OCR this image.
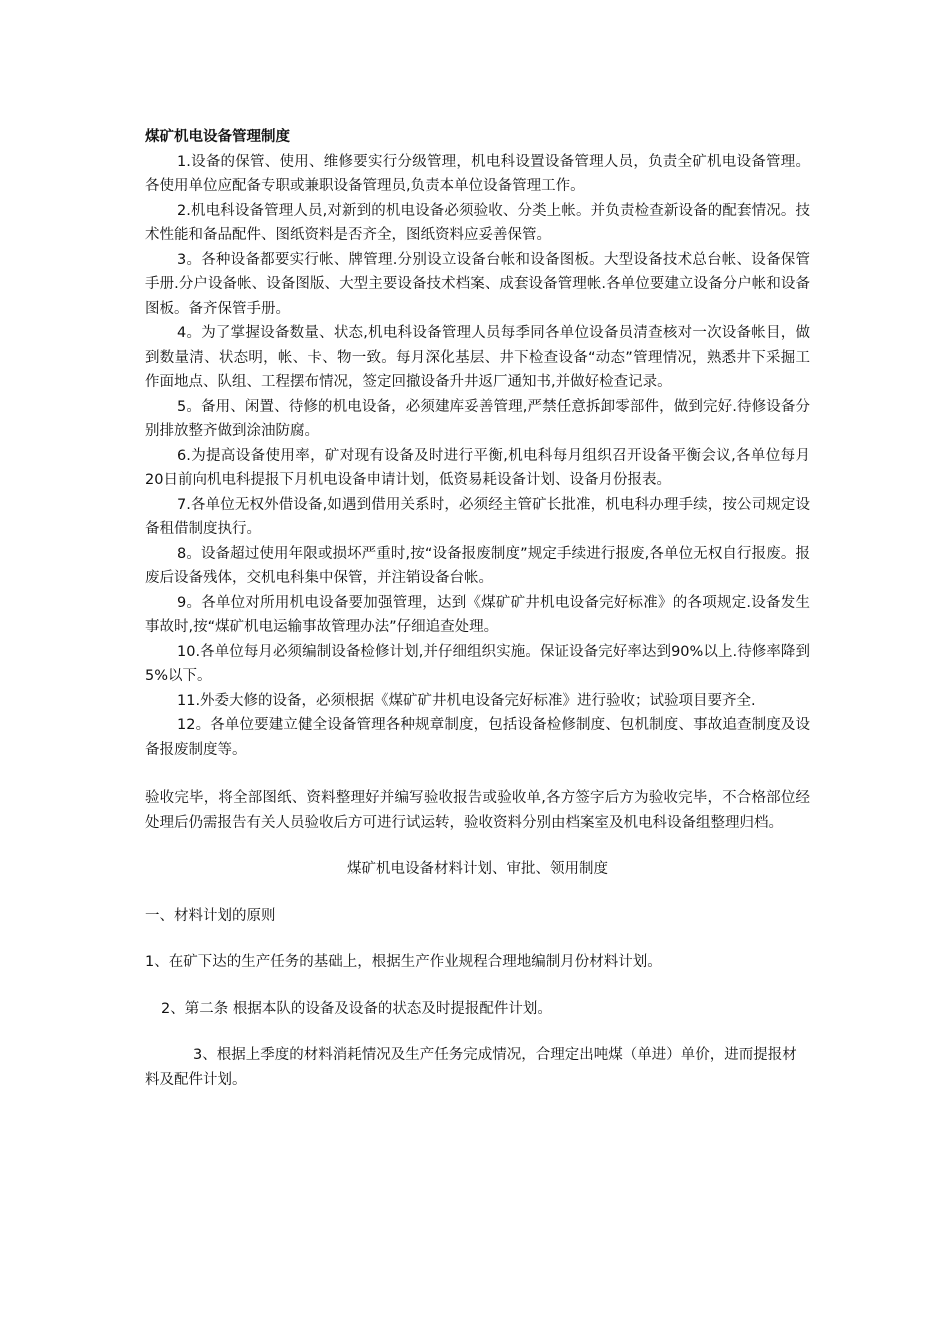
煤矿机电设备管理制度

1.设备的保管、使用、维修要实行分级管理，机电科设置设备管理人员，负责全矿机电设备管理。各使用单位应配备专职或兼职设备管理员,负责本单位设备管理工作。

2.机电科设备管理人员,对新到的机电设备必须验收、分类上帐。并负责检查新设备的配套情况。技术性能和备品配件、图纸资料是否齐全，图纸资料应妥善保管。

3。各种设备都要实行帐、牌管理.分别设立设备台帐和设备图板。大型设备技术总台帐、设备保管手册.分户设备帐、设备图版、大型主要设备技术档案、成套设备管理帐.各单位要建立设备分户帐和设备图板。备齐保管手册。

4。为了掌握设备数量、状态,机电科设备管理人员每季同各单位设备员清查核对一次设备帐目，做到数量清、状态明，帐、卡、物一致。每月深化基层、井下检查设备“动态”管理情况，熟悉井下采掘工作面地点、队组、工程摆布情况，签定回撤设备升井返厂通知书,并做好检查记录。

5。备用、闲置、待修的机电设备，必须建库妥善管理,严禁任意拆卸零部件，做到完好.待修设备分别排放整齐做到涂油防腐。

6.为提高设备使用率，矿对现有设备及时进行平衡,机电科每月组织召开设备平衡会议,各单位每月20日前向机电科提报下月机电设备申请计划，低资易耗设备计划、设备月份报表。

7.各单位无权外借设备,如遇到借用关系时，必须经主管矿长批准，机电科办理手续，按公司规定设备租借制度执行。

8。设备超过使用年限或损坏严重时,按“设备报废制度”规定手续进行报废,各单位无权自行报废。报废后设备残体，交机电科集中保管，并注销设备台帐。

9。各单位对所用机电设备要加强管理，达到《煤矿矿井机电设备完好标准》的各项规定.设备发生事故时,按“煤矿机电运输事故管理办法”仔细追查处理。

10.各单位每月必须编制设备检修计划,并仔细组织实施。保证设备完好率达到90%以上.待修率降到5%以下。

11.外委大修的设备，必须根据《煤矿矿井机电设备完好标准》进行验收；试验项目要齐全.

12。各单位要建立健全设备管理各种规章制度，包括设备检修制度、包机制度、事故追查制度及设备报废制度等。

验收完毕，将全部图纸、资料整理好并编写验收报告或验收单,各方签字后方为验收完毕，不合格部位经处理后仍需报告有关人员验收后方可进行试运转，验收资料分别由档案室及机电科设备组整理归档。

煤矿机电设备材料计划、审批、领用制度

一、材料计划的原则

1、在矿下达的生产任务的基础上，根据生产作业规程合理地编制月份材料计划。

2、第二条 根据本队的设备及设备的状态及时提报配件计划。

3、根据上季度的材料消耗情况及生产任务完成情况，合理定出吨煤（单进）单价，进而提报材料及配件计划。
